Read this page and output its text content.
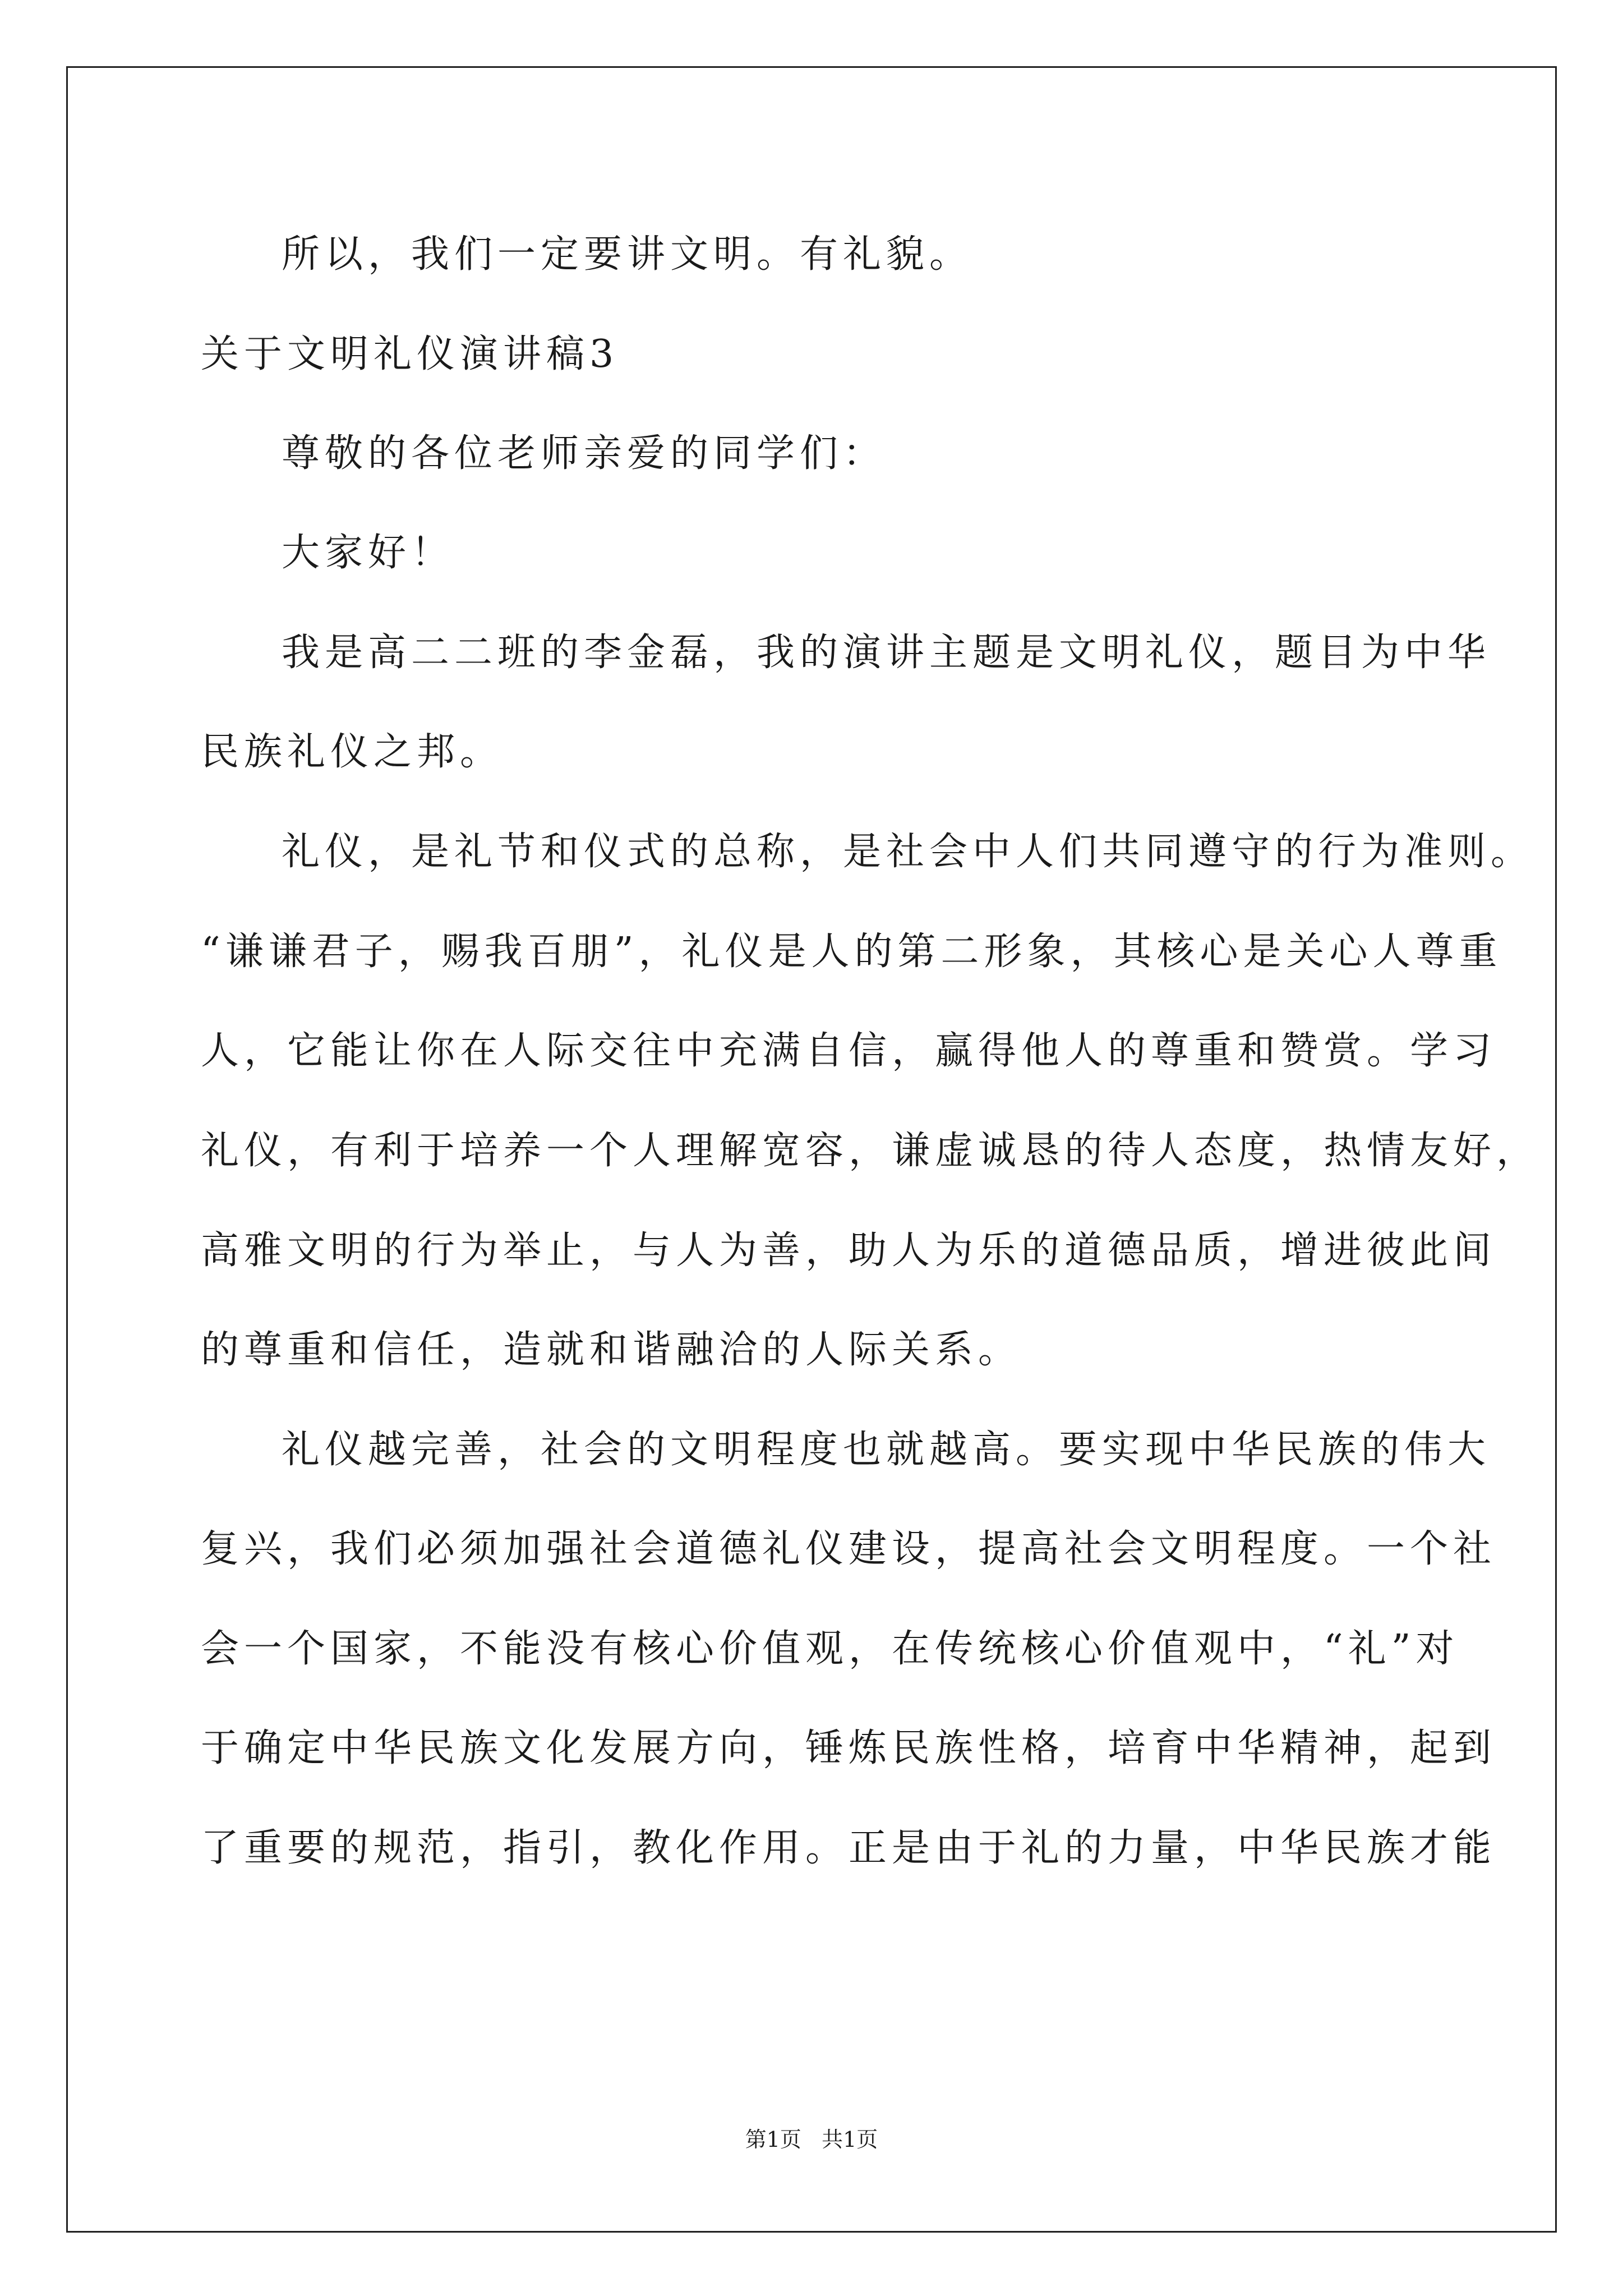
所以，我们一定要讲文明。有礼貌。
关于文明礼仪演讲稿3
尊敬的各位老师亲爱的同学们：
大家好！
我是高二二班的李金磊，我的演讲主题是文明礼仪，题目为中华
民族礼仪之邦。
礼仪，是礼节和仪式的总称，是社会中人们共同遵守的行为准则。
“谦谦君子，赐我百朋”，礼仪是人的第二形象，其核心是关心人尊重
人，它能让你在人际交往中充满自信，赢得他人的尊重和赞赏。学习
礼仪，有利于培养一个人理解宽容，谦虚诚恳的待人态度，热情友好，
高雅文明的行为举止，与人为善，助人为乐的道德品质，增进彼此间
的尊重和信任，造就和谐融洽的人际关系。
礼仪越完善，社会的文明程度也就越高。要实现中华民族的伟大
复兴，我们必须加强社会道德礼仪建设，提高社会文明程度。一个社
会一个国家，不能没有核心价值观，在传统核心价值观中，“礼”对
于确定中华民族文化发展方向，锤炼民族性格，培育中华精神，起到
了重要的规范，指引，教化作用。正是由于礼的力量，中华民族才能
第1页   共1页
